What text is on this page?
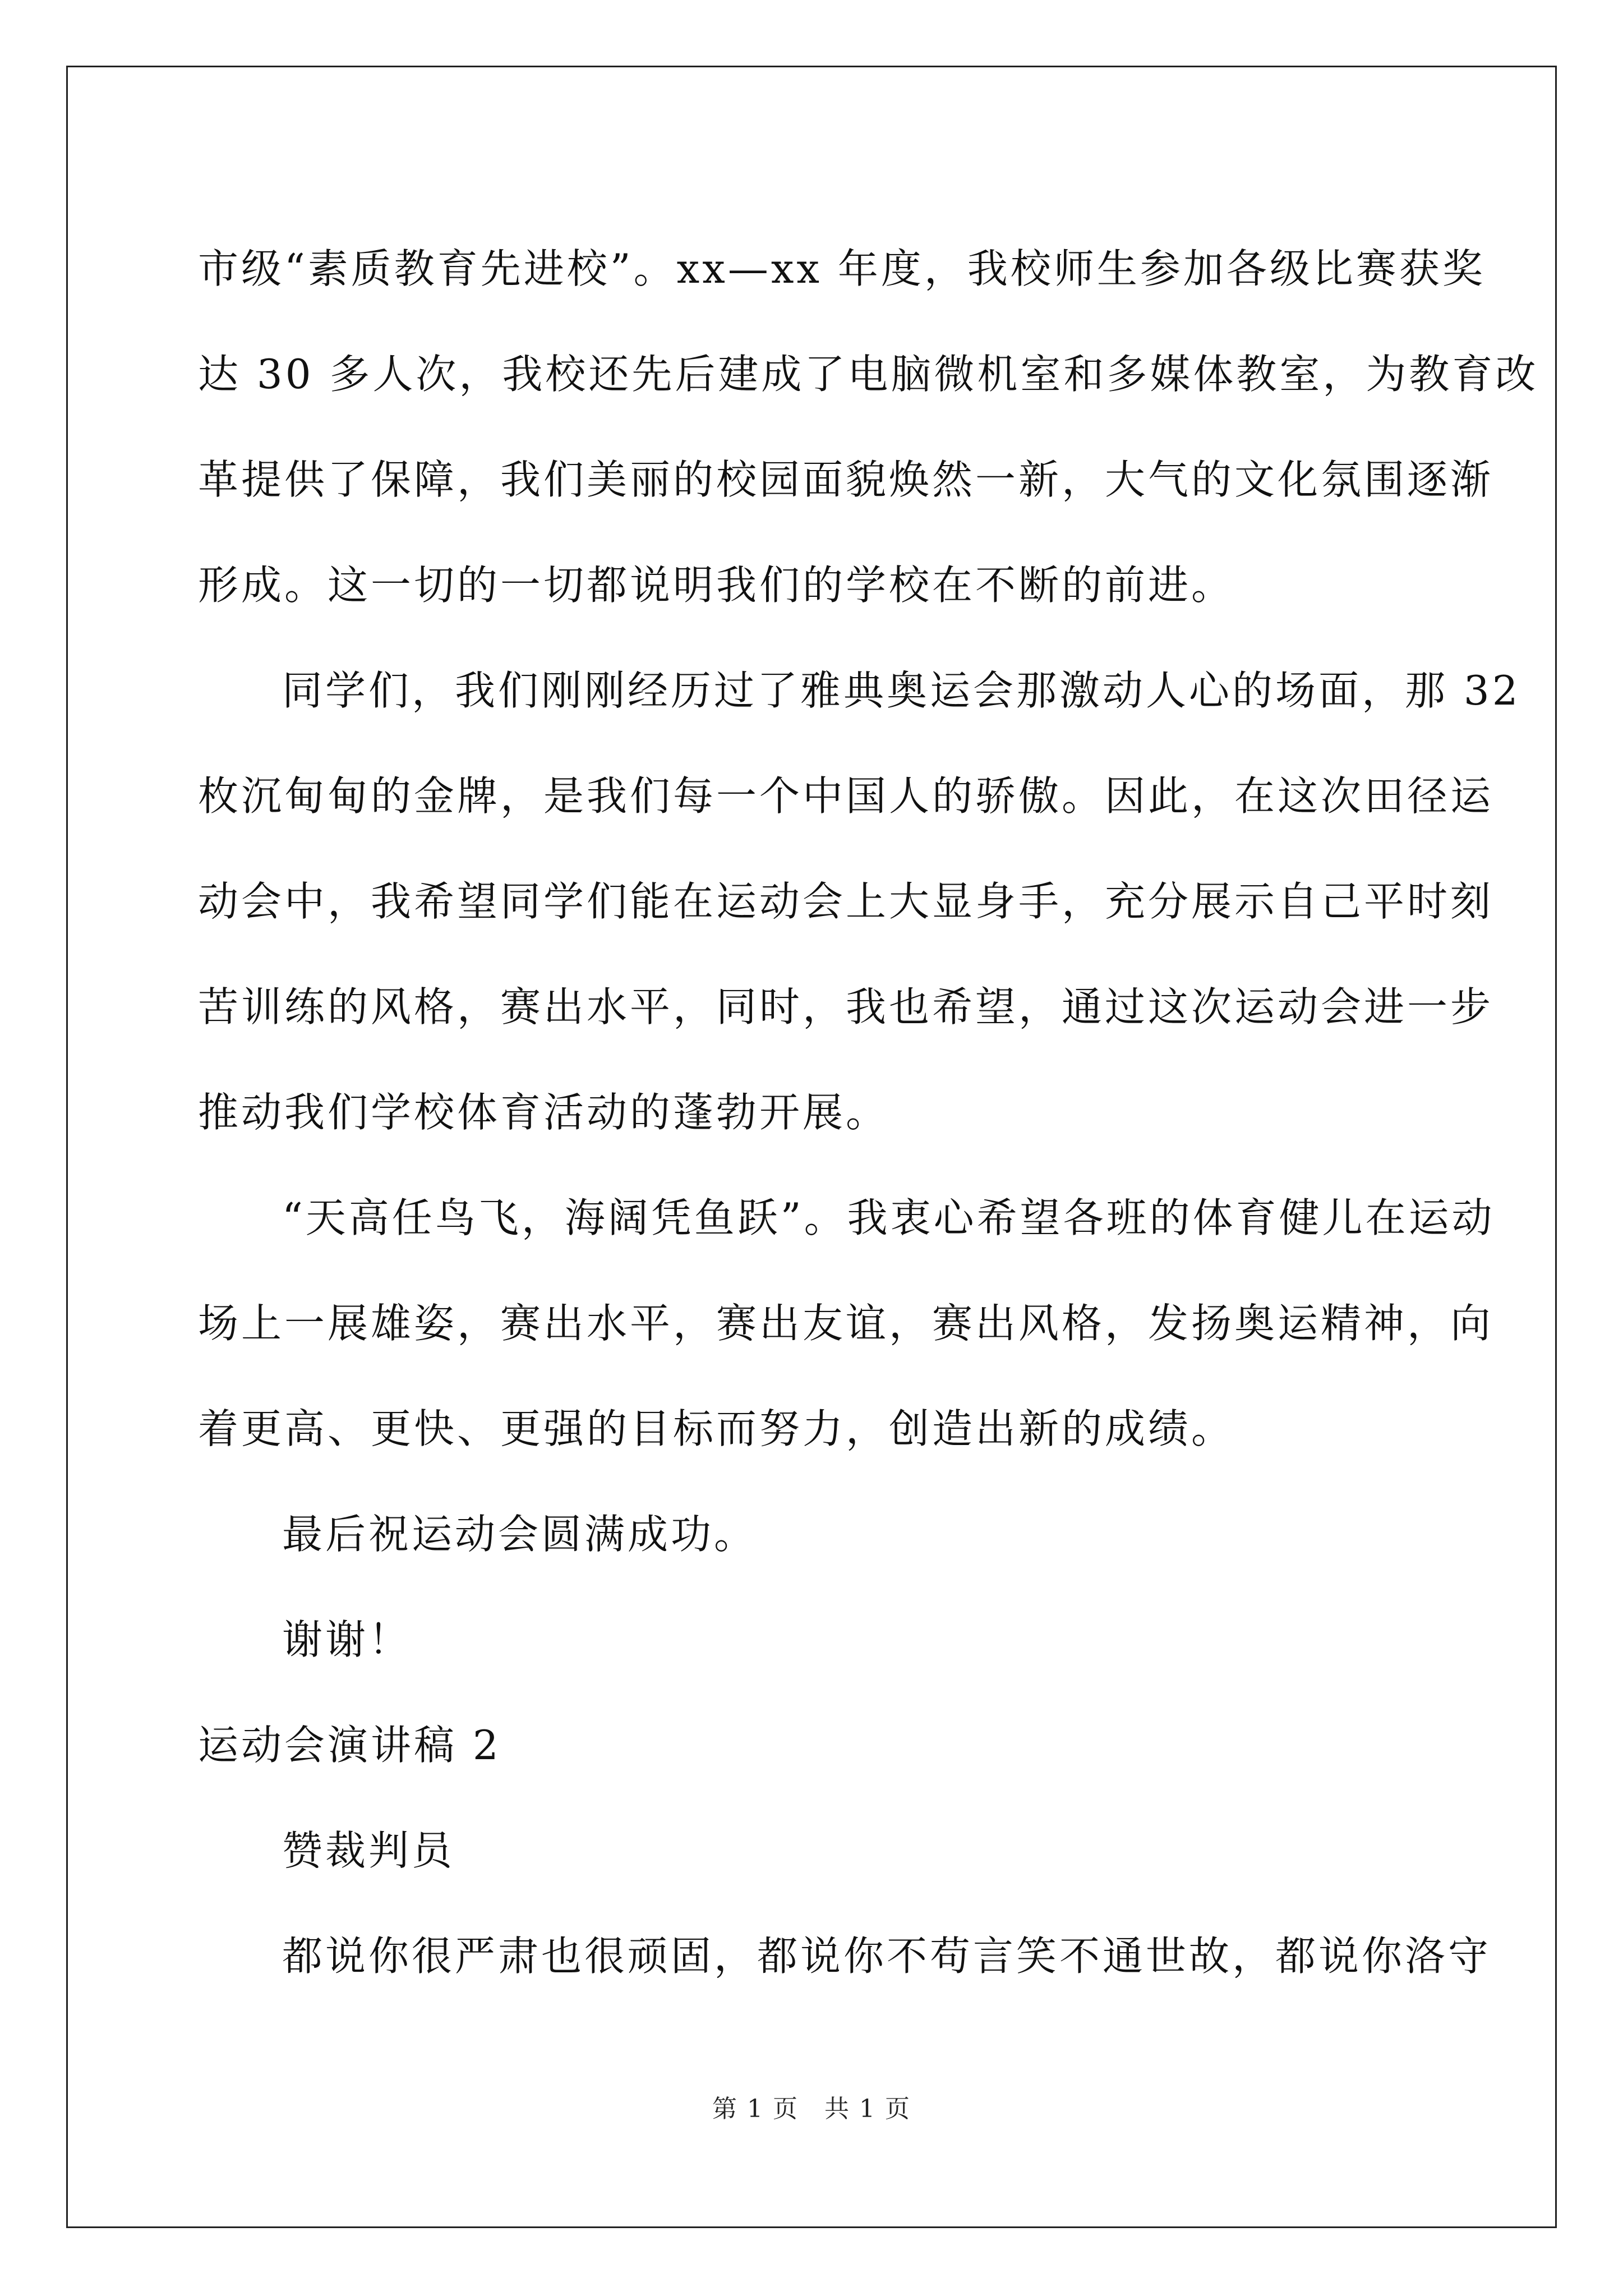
市级“素质教育先进校”。xx—xx 年度，我校师生参加各级比赛获奖

达 30 多人次，我校还先后建成了电脑微机室和多媒体教室，为教育改

革提供了保障，我们美丽的校园面貌焕然一新，大气的文化氛围逐渐

形成。这一切的一切都说明我们的学校在不断的前进。

同学们，我们刚刚经历过了雅典奥运会那激动人心的场面，那 32

枚沉甸甸的金牌，是我们每一个中国人的骄傲。因此，在这次田径运

动会中，我希望同学们能在运动会上大显身手，充分展示自己平时刻

苦训练的风格，赛出水平，同时，我也希望，通过这次运动会进一步

推动我们学校体育活动的蓬勃开展。

“天高任鸟飞，海阔凭鱼跃”。我衷心希望各班的体育健儿在运动

场上一展雄姿，赛出水平，赛出友谊，赛出风格，发扬奥运精神，向

着更高、更快、更强的目标而努力，创造出新的成绩。

最后祝运动会圆满成功。

谢谢！

运动会演讲稿 2

赞裁判员

都说你很严肃也很顽固，都说你不苟言笑不通世故，都说你洛守

第 1 页　共 1 页
